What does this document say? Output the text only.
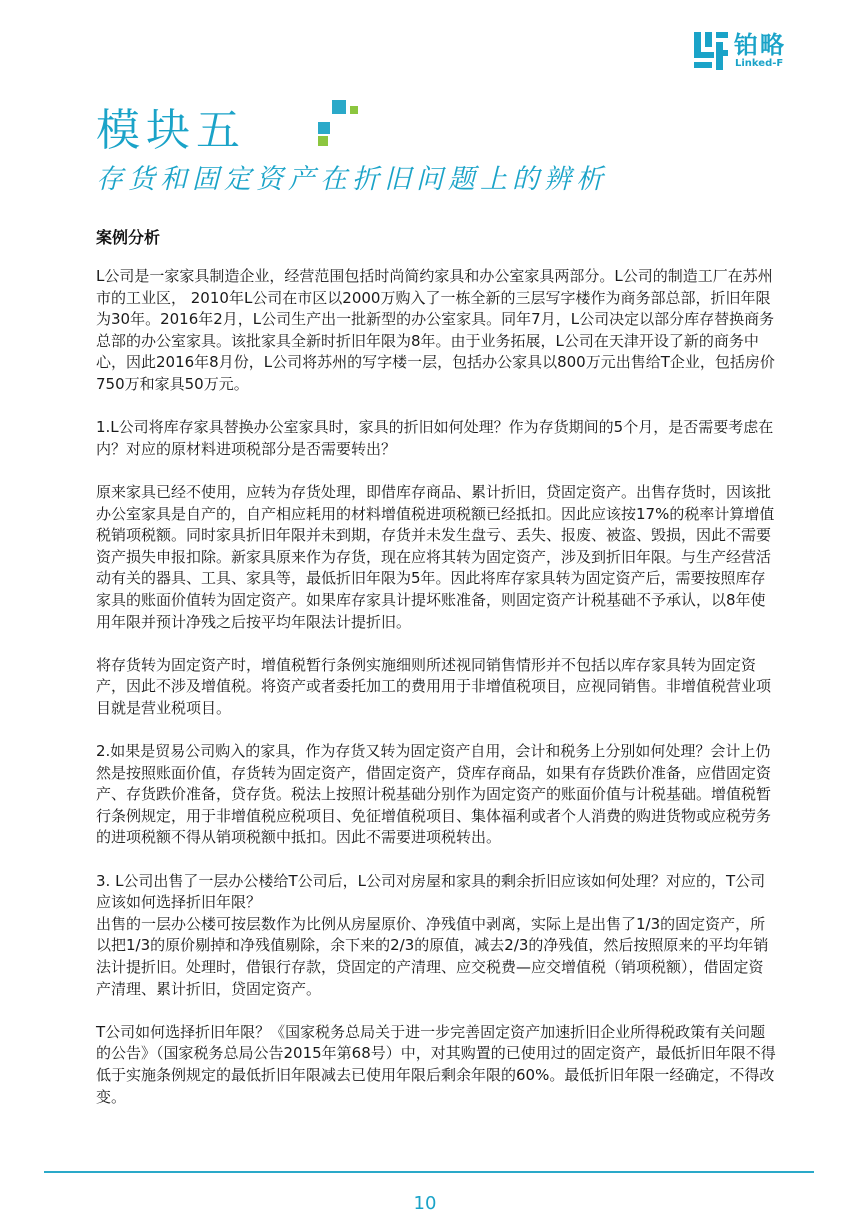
铂略
Linked-F
模块五
存货和固定资产在折旧问题上的辨析
案例分析

L公司是一家家具制造企业，经营范围包括时尚简约家具和办公室家具两部分。L公司的制造工厂在苏州市的工业区， 2010年L公司在市区以2000万购入了一栋全新的三层写字楼作为商务部总部，折旧年限为30年。2016年2月，L公司生产出一批新型的办公室家具。同年7月，L公司决定以部分库存替换商务总部的办公室家具。该批家具全新时折旧年限为8年。由于业务拓展，L公司在天津开设了新的商务中心，因此2016年8月份，L公司将苏州的写字楼一层，包括办公家具以800万元出售给T企业，包括房价750万和家具50万元。

1.L公司将库存家具替换办公室家具时，家具的折旧如何处理？作为存货期间的5个月，是否需要考虑在内？对应的原材料进项税部分是否需要转出？

原来家具已经不使用，应转为存货处理，即借库存商品、累计折旧，贷固定资产。出售存货时，因该批办公室家具是自产的，自产相应耗用的材料增值税进项税额已经抵扣。因此应该按17%的税率计算增值税销项税额。同时家具折旧年限并未到期，存货并未发生盘亏、丢失、报废、被盗、毁损，因此不需要资产损失申报扣除。新家具原来作为存货，现在应将其转为固定资产，涉及到折旧年限。与生产经营活动有关的器具、工具、家具等，最低折旧年限为5年。因此将库存家具转为固定资产后，需要按照库存家具的账面价值转为固定资产。如果库存家具计提坏账准备，则固定资产计税基础不予承认，以8年使用年限并预计净残之后按平均年限法计提折旧。

将存货转为固定资产时，增值税暂行条例实施细则所述视同销售情形并不包括以库存家具转为固定资产，因此不涉及增值税。将资产或者委托加工的费用用于非增值税项目，应视同销售。非增值税营业项目就是营业税项目。

2.如果是贸易公司购入的家具，作为存货又转为固定资产自用，会计和税务上分别如何处理？会计上仍然是按照账面价值，存货转为固定资产，借固定资产，贷库存商品，如果有存货跌价准备，应借固定资产、存货跌价准备，贷存货。税法上按照计税基础分别作为固定资产的账面价值与计税基础。增值税暂行条例规定，用于非增值税应税项目、免征增值税项目、集体福利或者个人消费的购进货物或应税劳务的进项税额不得从销项税额中抵扣。因此不需要进项税转出。

3. L公司出售了一层办公楼给T公司后，L公司对房屋和家具的剩余折旧应该如何处理？对应的，T公司应该如何选择折旧年限？

出售的一层办公楼可按层数作为比例从房屋原价、净残值中剥离，实际上是出售了1/3的固定资产，所以把1/3的原价剔掉和净残值剔除，余下来的2/3的原值，减去2/3的净残值，然后按照原来的平均年销法计提折旧。处理时，借银行存款，贷固定的产清理、应交税费—应交增值税（销项税额），借固定资产清理、累计折旧，贷固定资产。

T公司如何选择折旧年限？《国家税务总局关于进一步完善固定资产加速折旧企业所得税政策有关问题的公告》（国家税务总局公告2015年第68号）中，对其购置的已使用过的固定资产，最低折旧年限不得低于实施条例规定的最低折旧年限减去已使用年限后剩余年限的60%。最低折旧年限一经确定，不得改变。

10
